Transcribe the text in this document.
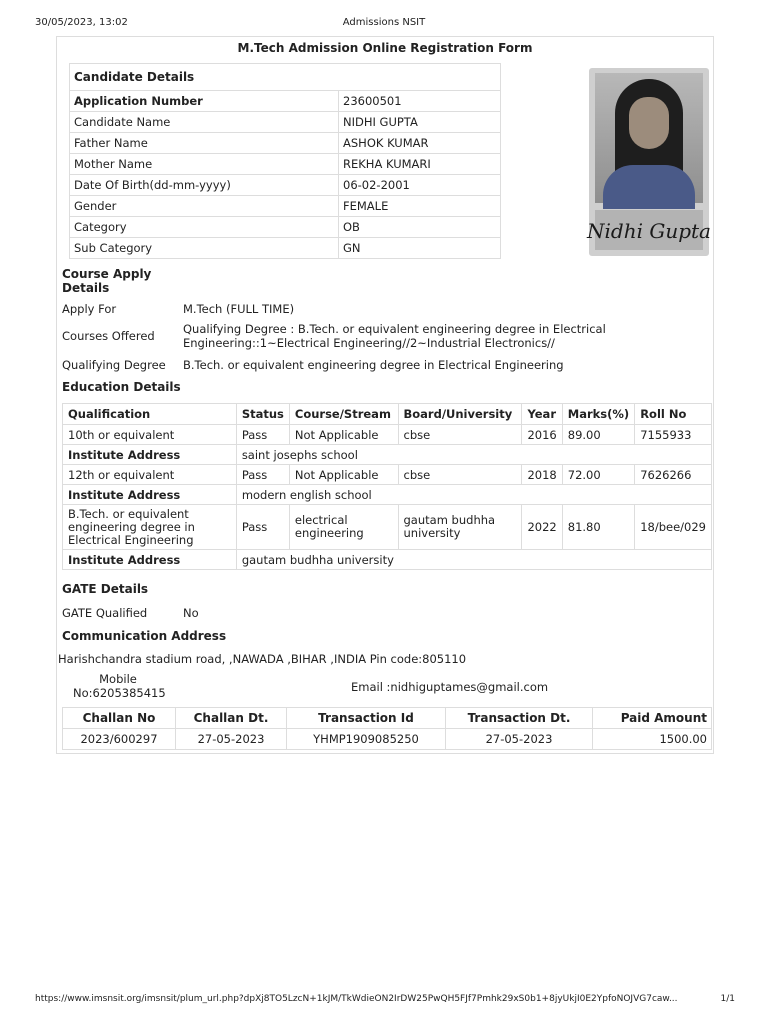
30/05/2023, 13:02	Admissions NSIT
M.Tech Admission Online Registration Form
Candidate Details	
Application Number	23600501
Candidate Name	NIDHI GUPTA
Father Name	ASHOK KUMAR
Mother Name	REKHA KUMARI
Date Of Birth(dd-mm-yyyy)	06-02-2001
Gender	FEMALE
Category	OB
Sub Category	GN
Nidhi Gupta
Course Apply
Details
Apply For	M.Tech (FULL TIME)
Courses Offered	Qualifying Degree : B.Tech. or equivalent engineering degree in Electrical
Engineering::1~Electrical Engineering//2~Industrial Electronics//
Qualifying Degree	B.Tech. or equivalent engineering degree in Electrical Engineering
Education Details
Qualification	Status	Course/Stream	Board/University	Year	Marks(%)	Roll No
10th or equivalent	Pass	Not Applicable	cbse	2016	89.00	7155933
Institute Address	saint josephs school					
12th or equivalent	Pass	Not Applicable	cbse	2018	72.00	7626266
Institute Address	modern english school					
B.Tech. or equivalent engineering degree in Electrical Engineering	Pass	electrical engineering	gautam budhha university	2022	81.80	18/bee/029
Institute Address	gautam budhha university					
GATE Details
GATE Qualified	No
Communication Address
Harishchandra stadium road, ,NAWADA ,BIHAR ,INDIA Pin code:805110
Mobile
No:6205385415	Email :nidhiguptames@gmail.com
Challan No	Challan Dt.	Transaction Id	Transaction Dt.	Paid Amount
2023/600297	27-05-2023	YHMP1909085250	27-05-2023	1500.00
https://www.imsnsit.org/imsnsit/plum_url.php?dpXj8TO5LzcN+1kJM/TkWdieON2IrDW25PwQH5FJf7Pmhk29xS0b1+8jyUkjI0E2YpfoNOJVG7caw...	1/1
